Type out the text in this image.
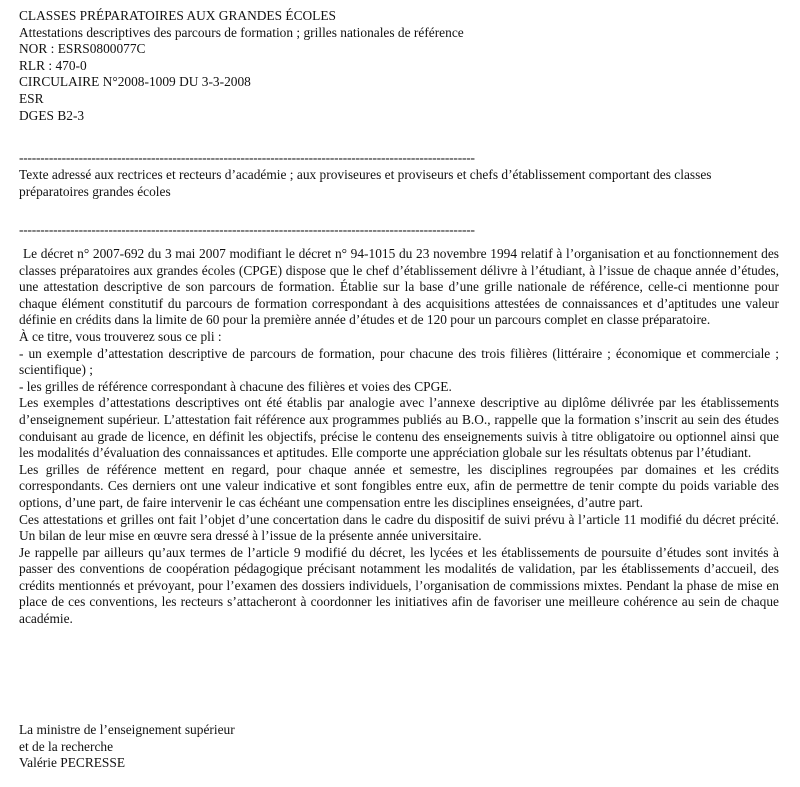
CLASSES PRÉPARATOIRES AUX GRANDES ÉCOLES
Attestations descriptives des parcours de formation ; grilles nationales de référence
NOR : ESRS0800077C
RLR : 470-0
CIRCULAIRE N°2008-1009 DU 3-3-2008
ESR
DGES B2-3
-----------------------------------------------------------------------------------------------------------
Texte adressé aux rectrices et recteurs d’académie ; aux proviseures et proviseurs et chefs d’établissement comportant des classes préparatoires grandes écoles
-----------------------------------------------------------------------------------------------------------

Le décret n° 2007-692 du 3 mai 2007 modifiant le décret n° 94-1015 du 23 novembre 1994 relatif à l’organisation et au fonctionnement des classes préparatoires aux grandes écoles (CPGE) dispose que le chef d’établissement délivre à l’étudiant, à l’issue de chaque année d’études, une attestation descriptive de son parcours de formation. Établie sur la base d’une grille nationale de référence, celle-ci mentionne pour chaque élément constitutif du parcours de formation correspondant à des acquisitions attestées de connaissances et d’aptitudes une valeur définie en crédits dans la limite de 60 pour la première année d’études et de 120 pour un parcours complet en classe préparatoire.

À ce titre, vous trouverez sous ce pli :

- un exemple d’attestation descriptive de parcours de formation, pour chacune des trois filières (littéraire ; économique et commerciale ; scientifique) ;

- les grilles de référence correspondant à chacune des filières et voies des CPGE.

Les exemples d’attestations descriptives ont été établis par analogie avec l’annexe descriptive au diplôme délivrée par les établissements d’enseignement supérieur. L’attestation fait référence aux programmes publiés au B.O., rappelle que la formation s’inscrit au sein des études conduisant au grade de licence, en définit les objectifs, précise le contenu des enseignements suivis à titre obligatoire ou optionnel ainsi que les modalités d’évaluation des connaissances et aptitudes. Elle comporte une appréciation globale sur les résultats obtenus par l’étudiant.

Les grilles de référence mettent en regard, pour chaque année et semestre, les disciplines regroupées par domaines et les crédits correspondants. Ces derniers ont une valeur indicative et sont fongibles entre eux, afin de permettre de tenir compte du poids variable des options, d’une part, de faire intervenir le cas échéant une compensation entre les disciplines enseignées, d’autre part.

Ces attestations et grilles ont fait l’objet d’une concertation dans le cadre du dispositif de suivi prévu à l’article 11 modifié du décret précité. Un bilan de leur mise en œuvre sera dressé à l’issue de la présente année universitaire.

Je rappelle par ailleurs qu’aux termes de l’article 9 modifié du décret, les lycées et les établissements de poursuite d’études sont invités à passer des conventions de coopération pédagogique précisant notamment les modalités de validation, par les établissements d’accueil, des crédits mentionnés et prévoyant, pour l’examen des dossiers individuels, l’organisation de commissions mixtes. Pendant la phase de mise en place de ces conventions, les recteurs s’attacheront à coordonner les initiatives afin de favoriser une meilleure cohérence au sein de chaque académie.

La ministre de l’enseignement supérieur
et de la recherche
Valérie PECRESSE
